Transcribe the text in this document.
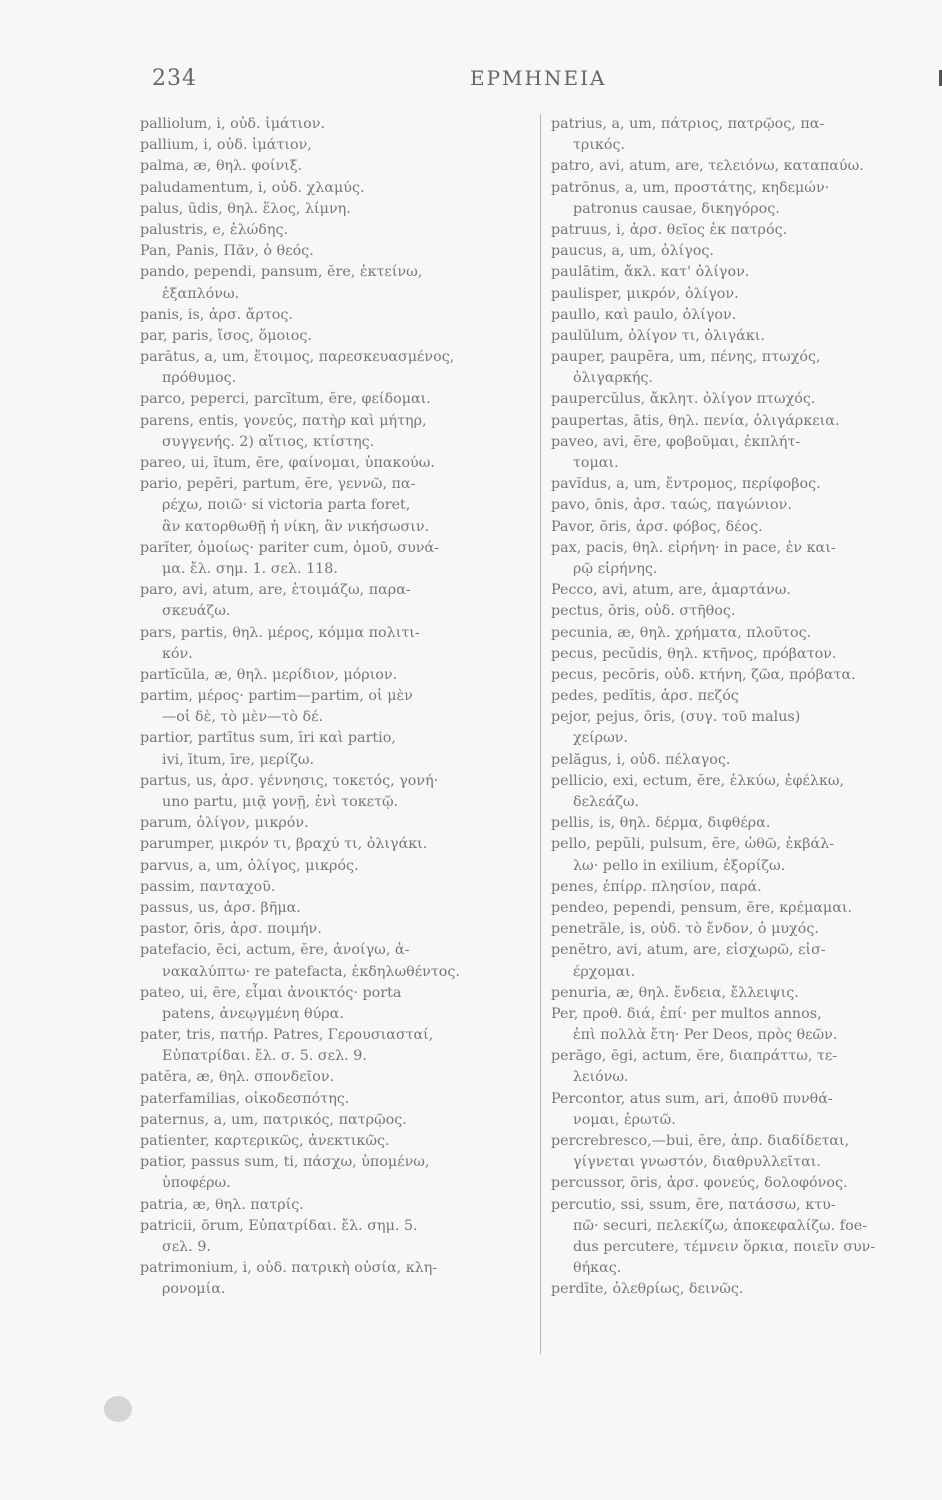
234	ΕΡΜΗΝΕΙΑ
palliolum, i, οὐδ. ἱμάτιον.
pallium, i, οὐδ. ἱμάτιον,
palma, æ, θηλ. φοίνιξ.
paludamentum, i, οὐδ. χλαμύς.
palus, ūdis, θηλ. ἕλος, λίμνη.
palustris, e, ἑλώδης.
Pan, Panis, Πᾶν, ὁ θεός.
pando, pependi, pansum, ĕre, ἐκτείνω,
ἐξαπλόνω.
panis, is, ἀρσ. ἄρτος.
par, paris, ἴσος, ὅμοιος.
parātus, a, um, ἕτοιμος, παρεσκευασμένος,
πρόθυμος.
parco, peperci, parcĭtum, ĕre, φείδομαι.
parens, entis, γονεύς, πατὴρ καὶ μήτηρ,
συγγενής. 2) αἴτιος, κτίστης.
pareo, ui, ĭtum, ēre, φαίνομαι, ὑπακούω.
pario, pepĕri, partum, ĕre, γεννῶ, πα-
ρέχω, ποιῶ· si victoria parta foret,
ἂν κατορθωθῇ ἡ νίκη, ἂν νικήσωσιν.
parĭter, ὁμοίως· pariter cum, ὁμοῦ, συνά-
μα. ἔλ. σημ. 1. σελ. 118.
paro, avi, atum, are, ἑτοιμάζω, παρα-
σκευάζω.
pars, partis, θηλ. μέρος, κόμμα πολιτι-
κόν.
partĭcŭla, æ, θηλ. μερίδιον, μόριον.
partim, μέρος· partim—partim, οἱ μὲν
—οἱ δὲ, τὸ μὲν—τὸ δέ.
partior, partītus sum, īri καὶ partio,
ivi, ītum, īre, μερίζω.
partus, us, ἀρσ. γέννησις, τοκετός, γονή·
uno partu, μιᾷ γονῇ, ἑνὶ τοκετῷ.
parum, ὀλίγον, μικρόν.
parumper, μικρόν τι, βραχύ τι, ὀλιγάκι.
parvus, a, um, ὀλίγος, μικρός.
passim, πανταχοῦ.
passus, us, ἀρσ. βῆμα.
pastor, ōris, ἀρσ. ποιμήν.
patefacio, ēci, actum, ĕre, ἀνοίγω, ἀ-
νακαλύπτω· re patefacta, ἐκδηλωθέντος.
pateo, ui, ēre, εἶμαι ἀνοικτός· porta
patens, ἀνεῳγμένη θύρα.
pater, tris, πατήρ. Patres, Γερουσιασταί,
Εὐπατρίδαι. ἔλ. σ. 5. σελ. 9.
patĕra, æ, θηλ. σπονδεῖον.
paterfamilias, οἰκοδεσπότης.
paternus, a, um, πατρικός, πατρῷος.
patienter, καρτερικῶς, ἀνεκτικῶς.
patior, passus sum, ti, πάσχω, ὑπομένω,
ὑποφέρω.
patria, æ, θηλ. πατρίς.
patricii, ōrum, Εὐπατρίδαι. ἔλ. σημ. 5.
σελ. 9.
patrimonium, i, οὐδ. πατρικὴ οὐσία, κλη-
ρονομία.
patrius, a, um, πάτριος, πατρῷος, πα-
τρικός.
patro, avi, atum, are, τελειόνω, καταπαύω.
patrōnus, a, um, προστάτης, κηδεμών·
patronus causae, δικηγόρος.
patruus, i, ἀρσ. θεῖος ἐκ πατρός.
paucus, a, um, ὀλίγος.
paulātim, ἄκλ. κατ' ὀλίγον.
paulisper, μικρόν, ὀλίγον.
paullo, καὶ paulo, ὀλίγον.
paulŭlum, ὀλίγον τι, ὀλιγάκι.
pauper, paupĕra, um, πένης, πτωχός,
ὀλιγαρκής.
paupercŭlus, ἄκλητ. ὀλίγον πτωχός.
paupertas, ātis, θηλ. πενία, ὀλιγάρκεια.
paveo, avi, ēre, φοβοῦμαι, ἐκπλήτ-
τομαι.
pavĭdus, a, um, ἔντρομος, περίφοβος.
pavo, ōnis, ἀρσ. ταώς, παγώνιον.
Pavor, ōris, ἀρσ. φόβος, δέος.
pax, pacis, θηλ. εἰρήνη· in pace, ἐν και-
ρῷ εἰρήνης.
Pecco, avi, atum, are, ἁμαρτάνω.
pectus, ŏris, οὐδ. στῆθος.
pecunia, æ, θηλ. χρήματα, πλοῦτος.
pecus, pecŭdis, θηλ. κτῆνος, πρόβατον.
pecus, pecŏris, οὐδ. κτήνη, ζῶα, πρόβατα.
pedes, pedĭtis, ἀρσ. πεζός
pejor, pejus, ōris, (συγ. τοῦ malus)
χείρων.
pelăgus, i, οὐδ. πέλαγος.
pellicio, exi, ectum, ĕre, ἑλκύω, ἐφέλκω,
δελεάζω.
pellis, is, θηλ. δέρμα, διφθέρα.
pello, pepŭli, pulsum, ĕre, ὠθῶ, ἐκβάλ-
λω· pello in exilium, ἐξορίζω.
penes, ἐπίρρ. πλησίον, παρά.
pendeo, pependi, pensum, ēre, κρέμαμαι.
penetrāle, is, οὐδ. τὸ ἔνδον, ὁ μυχός.
penĕtro, avi, atum, are, εἰσχωρῶ, εἰσ-
έρχομαι.
penuria, æ, θηλ. ἔνδεια, ἔλλειψις.
Per, προθ. διά, ἐπί· per multos annos,
ἐπὶ πολλὰ ἔτη· Per Deos, πρὸς θεῶν.
perăgo, ēgi, actum, ĕre, διαπράττω, τε-
λειόνω.
Percontor, atus sum, ari, ἀποθῦ πυνθά-
νομαι, ἐρωτῶ.
percrebresco,—bui, ĕre, ἀπρ. διαδίδεται,
γίγνεται γνωστόν, διαθρυλλεῖται.
percussor, ōris, ἀρσ. φονεύς, δολοφόνος.
percutio, ssi, ssum, ĕre, πατάσσω, κτυ-
πῶ· securi, πελεκίζω, ἀποκεφαλίζω. foe-
dus percutere, τέμνειν ὅρκια, ποιεῖν συν-
θήκας.
perdīte, ὀλεθρίως, δεινῶς.
